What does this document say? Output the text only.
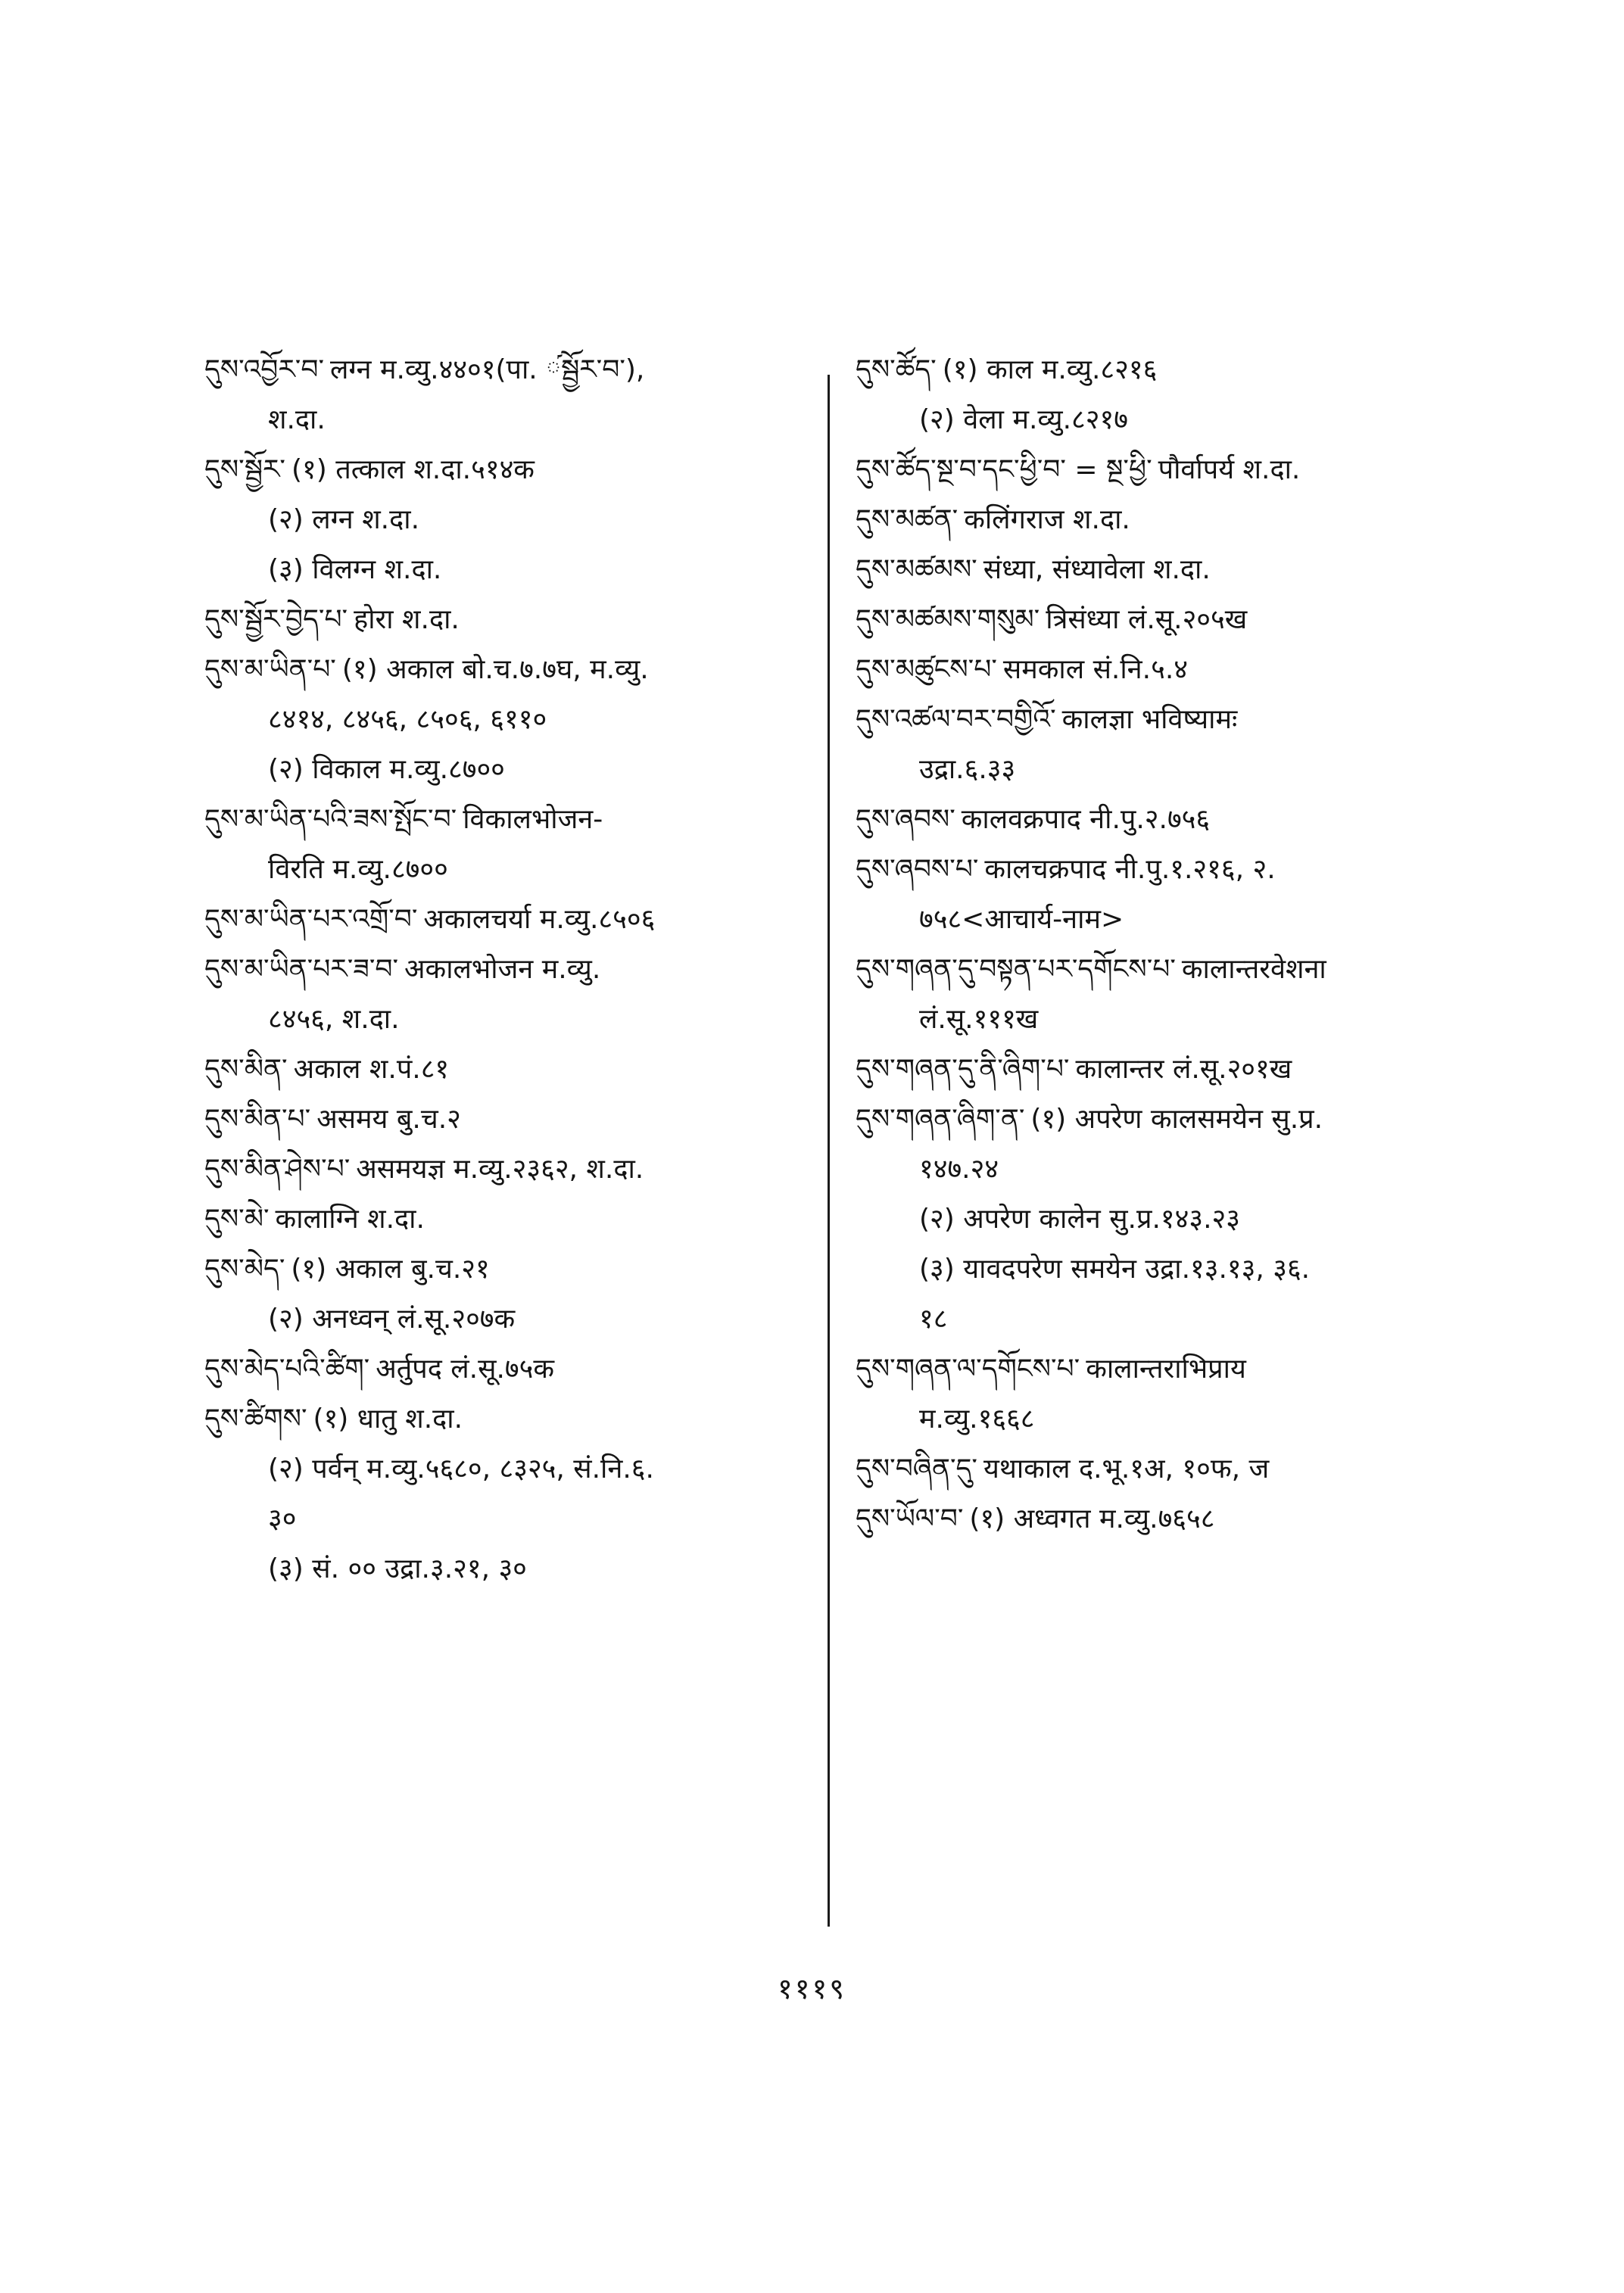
དུས་འབྱོར་བ་ लग्न म.व्यु.४४०१(पा. ༹སྦྱོར་བ་),
श.दा.
དུས་སྦྱོར་ (१) तत्काल श.दा.५१४क
(२) लग्न श.दा.
(३) विलग्न श.दा.
དུས་སྦྱོར་བྱེད་པ་ होरा श.दा.
དུས་མ་ཡིན་པ་ (१) अकाल बो.च.७.७घ, म.व्यु.
८४१४, ८४५६, ८५०६, ६११०
(२) विकाल म.व्यु.८७००
དུས་མ་ཡིན་པའི་ཟས་སྤོང་བ་ विकालभोजन-
विरति म.व्यु.८७००
དུས་མ་ཡིན་པར་འགྲོ་བ་ अकालचर्या म.व्यु.८५०६
དུས་མ་ཡིན་པར་ཟ་བ་ अकालभोजन म.व्यु.
८४५६, श.दा.
དུས་མིན་ अकाल श.पं.८१
དུས་མིན་པ་ असमय बु.च.२
དུས་མིན་ཤེས་པ་ असमयज्ञ म.व्यु.२३६२, श.दा.
དུས་མེ་ कालाग्नि श.दा.
དུས་མེད་ (१) अकाल बु.च.२१
(२) अनध्वन् लं.सू.२०७क
དུས་མེད་པའི་ཚིག་ अर्तुपद लं.सू.७५क
དུས་ཚིགས་ (१) धातु श.दा.
(२) पर्वन् म.व्यु.५६८०, ८३२५, सं.नि.६.
३०
(३) सं. ०० उद्रा.३.२१, ३०
དུས་ཚོད་ (१) काल म.व्यु.८२१६
(२) वेला म.व्यु.८२१७
དུས་ཚོད་སྔ་བ་དང་ཕྱི་བ་ = སྔ་ཕྱི་ पौर्वापर्य श.दा.
དུས་མཚན་ कलिंगराज श.दा.
དུས་མཚམས་ संध्या, संध्यावेला श.दा.
དུས་མཚམས་གསུམ་ त्रिसंध्या लं.सू.२०५ख
དུས་མཚུངས་པ་ समकाल सं.नि.५.४
དུས་འཚལ་བར་བགྱིའོ་ कालज्ञा भविष्यामः
उद्रा.६.३३
དུས་ཞབས་ कालवक्रपाद नी.पु.२.७५६
དུས་ཞབས་པ་ कालचक्रपाद नी.पु.१.२१६, २.
७५८<आचार्य-नाम>
དུས་གཞན་དུ་བསྟན་པར་དགོངས་པ་ कालान्तरवेशना
लं.सू.१११ख
དུས་གཞན་དུ་ནི་ཞིག་པ་ कालान्तर लं.सू.२०१ख
དུས་གཞན་ཞིག་ན་ (१) अपरेण कालसमयेन सु.प्र.
१४७.२४
(२) अपरेण कालेन सु.प्र.१४३.२३
(३) यावदपरेण समयेन उद्रा.१३.१३, ३६.
१८
དུས་གཞན་ལ་དགོངས་པ་ कालान्तराभिप्राय
म.व्यु.१६६८
དུས་བཞིན་དུ་ यथाकाल द.भू.१अ, १०फ, ज
དུས་ཡོལ་བ་ (१) अध्वगत म.व्यु.७६५८
१११९
